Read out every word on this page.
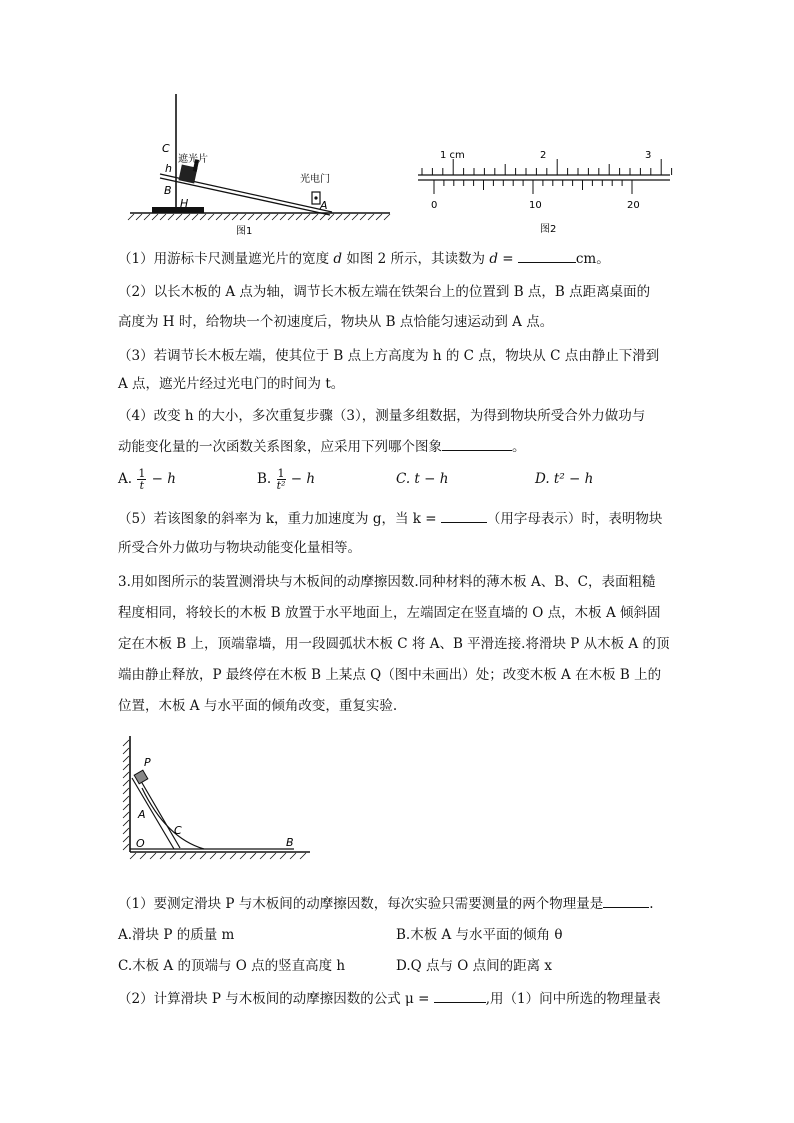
C
h
B
H	A
遮光片
光电门
图1
1 cm	2	3
0	10	20
图2
（1）用游标卡尺测量遮光片的宽度 d 如图 2 所示，其读数为 d =	cm。
（2）以长木板的 A 点为轴，调节长木板左端在铁架台上的位置到 B 点，B 点距离桌面的
高度为 H 时，给物块一个初速度后，物块从 B 点恰能匀速运动到 A 点。
（3）若调节长木板左端，使其位于 B 点上方高度为 h 的 C 点，物块从 C 点由静止下滑到
A 点，遮光片经过光电门的时间为 t。
（4）改变 h 的大小，多次重复步骤（3），测量多组数据，为得到物块所受合外力做功与
动能变化量的一次函数关系图象，应采用下列哪个图象	。
A. $\frac{1}{t} - h$	B. $\frac{1}{\text{t²}} - h$	C. t − h	D. t² − h
（5）若该图象的斜率为 k，重力加速度为 g，当 k =	（用字母表示）时，表明物块
所受合外力做功与物块动能变化量相等。
3.用如图所示的装置测滑块与木板间的动摩擦因数.同种材料的薄木板 A、B、C，表面粗糙
程度相同，将较长的木板 B 放置于水平地面上，左端固定在竖直墙的 O 点，木板 A 倾斜固
定在木板 B 上，顶端靠墙，用一段圆弧状木板 C 将 A、B 平滑连接.将滑块 P 从木板 A 的顶
端由静止释放，P 最终停在木板 B 上某点 Q（图中未画出）处；改变木板 A 在木板 B 上的
位置，木板 A 与水平面的倾角改变，重复实验.
P
A
C
O	B
（1）要测定滑块 P 与木板间的动摩擦因数，每次实验只需要测量的两个物理量是	.
A.滑块 P 的质量 m	B.木板 A 与水平面的倾角 θ
C.木板 A 的顶端与 O 点的竖直高度 h	D.Q 点与 O 点间的距离 x
（2）计算滑块 P 与木板间的动摩擦因数的公式 μ =	,用（1）问中所选的物理量表
